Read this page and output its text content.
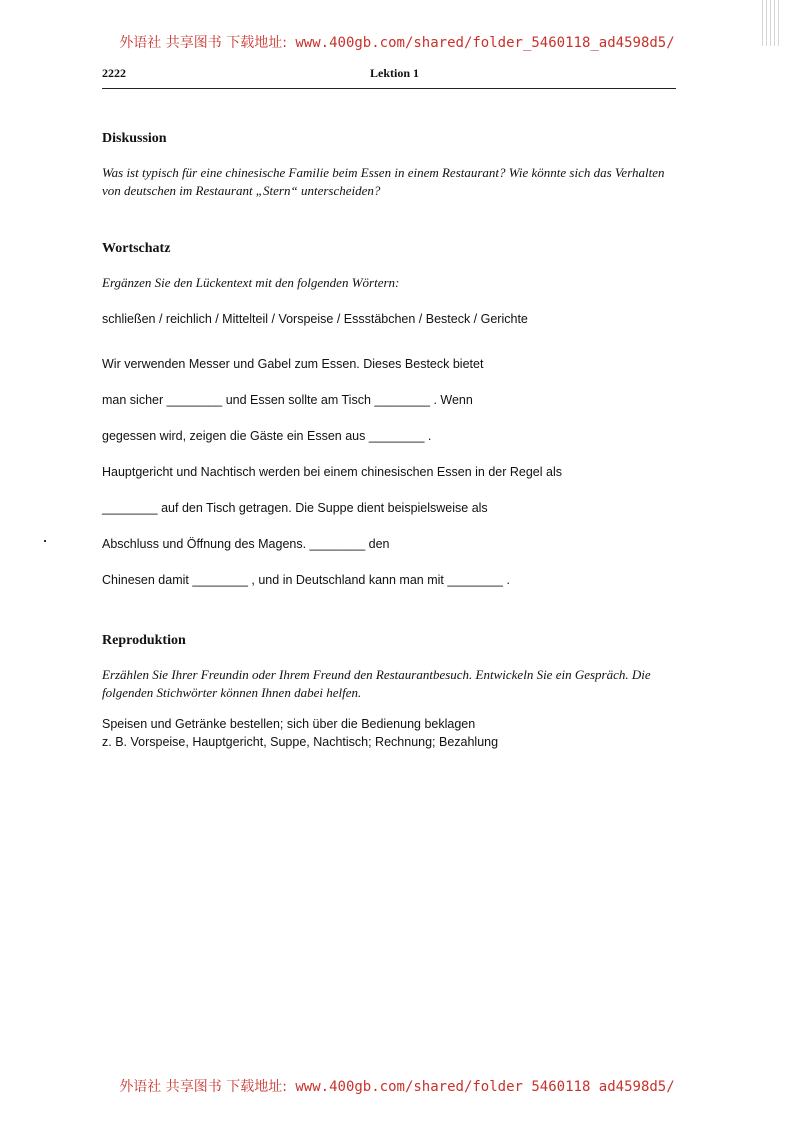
外语社 共享图书 下载地址: www.400gb.com/shared/folder_5460118_ad4598d5/
2222	Lektion 1

Diskussion

Was ist typisch für eine chinesische Familie beim Essen in einem Restaurant? Wie könnte sich das Verhalten von deutschen im Restaurant „Stern“ unterscheiden?

Wortschatz

Ergänzen Sie den Lückentext mit den folgenden Wörtern:

schließen / reichlich / Mittelteil / Vorspeise / Essstäbchen / Besteck / Gerichte

Wir verwenden Messer und Gabel zum Essen. Dieses Besteck bietet

man sicher ________ und Essen sollte am Tisch ________ . Wenn

gegessen wird, zeigen die Gäste ein Essen aus ________ .

Hauptgericht und Nachtisch werden bei einem chinesischen Essen in der Regel als

________ auf den Tisch getragen. Die Suppe dient beispielsweise als

Abschluss und Öffnung des Magens. ________ den

Chinesen damit ________ , und in Deutschland kann man mit ________ .

Reproduktion

Erzählen Sie Ihrer Freundin oder Ihrem Freund den Restaurantbesuch. Entwickeln Sie ein Gespräch. Die folgenden Stichwörter können Ihnen dabei helfen.

Speisen und Getränke bestellen; sich über die Bedienung beklagen

z. B. Vorspeise, Hauptgericht, Suppe, Nachtisch; Rechnung; Bezahlung

外语社 共享图书 下载地址: www.400gb.com/shared/folder 5460118 ad4598d5/
